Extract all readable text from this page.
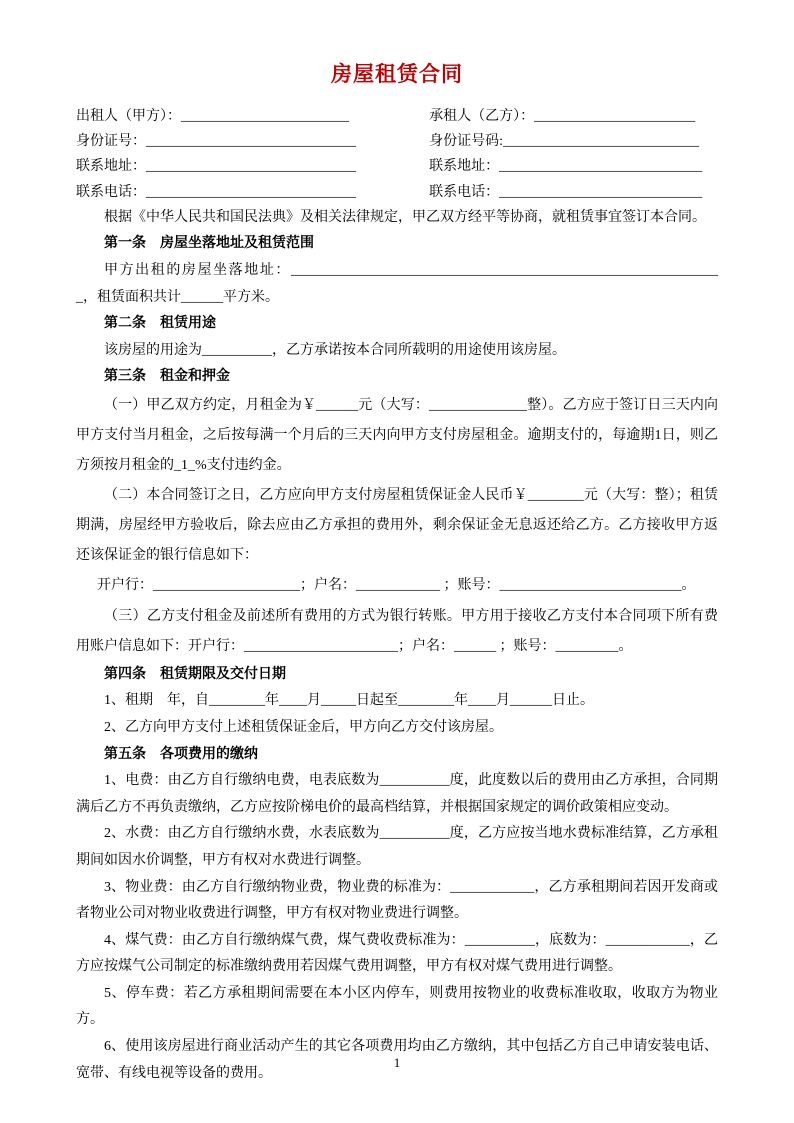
房屋租赁合同

出租人（甲方）：________________________	承租人（乙方）：_______________________

身份证号：______________________________	身份证号码:____________________________

联系地址：______________________________	联系地址：_____________________________

联系电话：______________________________	联系电话：_____________________________

根据《中华人民共和国民法典》及相关法律规定，甲乙双方经平等协商，就租赁事宜签订本合同。

第一条　房屋坐落地址及租赁范围

甲方出租的房屋坐落地址：______________________________________________________________，租赁面积共计______平方米。

第二条　租赁用途

该房屋的用途为__________，乙方承诺按本合同所载明的用途使用该房屋。

第三条　租金和押金

（一）甲乙双方约定，月租金为￥______元（大写：______________整）。乙方应于签订日三天内向甲方支付当月租金，之后按每满一个月后的三天内向甲方支付房屋租金。逾期支付的，每逾期1日，则乙方须按月租金的_1_%支付违约金。

（二）本合同签订之日，乙方应向甲方支付房屋租赁保证金人民币￥________元（大写：整）；租赁期满，房屋经甲方验收后，除去应由乙方承担的费用外，剩余保证金无息返还给乙方。乙方接收甲方返还该保证金的银行信息如下：

开户行：_____________________；户名：____________ ；账号：__________________________。

（三）乙方支付租金及前述所有费用的方式为银行转账。甲方用于接收乙方支付本合同项下所有费用账户信息如下：开户行：______________________；户名：______ ；账号：_________。

第四条　租赁期限及交付日期

1、租期　年，自________年____月_____日起至________年____月______日止。

2、乙方向甲方支付上述租赁保证金后，甲方向乙方交付该房屋。

第五条　各项费用的缴纳

1、电费：由乙方自行缴纳电费，电表底数为__________度，此度数以后的费用由乙方承担，合同期满后乙方不再负责缴纳，乙方应按阶梯电价的最高档结算，并根据国家规定的调价政策相应变动。

2、水费：由乙方自行缴纳水费，水表底数为__________度，乙方应按当地水费标准结算，乙方承租期间如因水价调整，甲方有权对水费进行调整。

3、物业费：由乙方自行缴纳物业费，物业费的标准为：____________，乙方承租期间若因开发商或者物业公司对物业收费进行调整，甲方有权对物业费进行调整。

4、煤气费：由乙方自行缴纳煤气费，煤气费收费标准为：__________，底数为：____________，乙方应按煤气公司制定的标准缴纳费用若因煤气费用调整，甲方有权对煤气费用进行调整。

5、停车费：若乙方承租期间需要在本小区内停车，则费用按物业的收费标准收取，收取方为物业方。

6、使用该房屋进行商业活动产生的其它各项费用均由乙方缴纳，其中包括乙方自己申请安装电话、宽带、有线电视等设备的费用。

1
